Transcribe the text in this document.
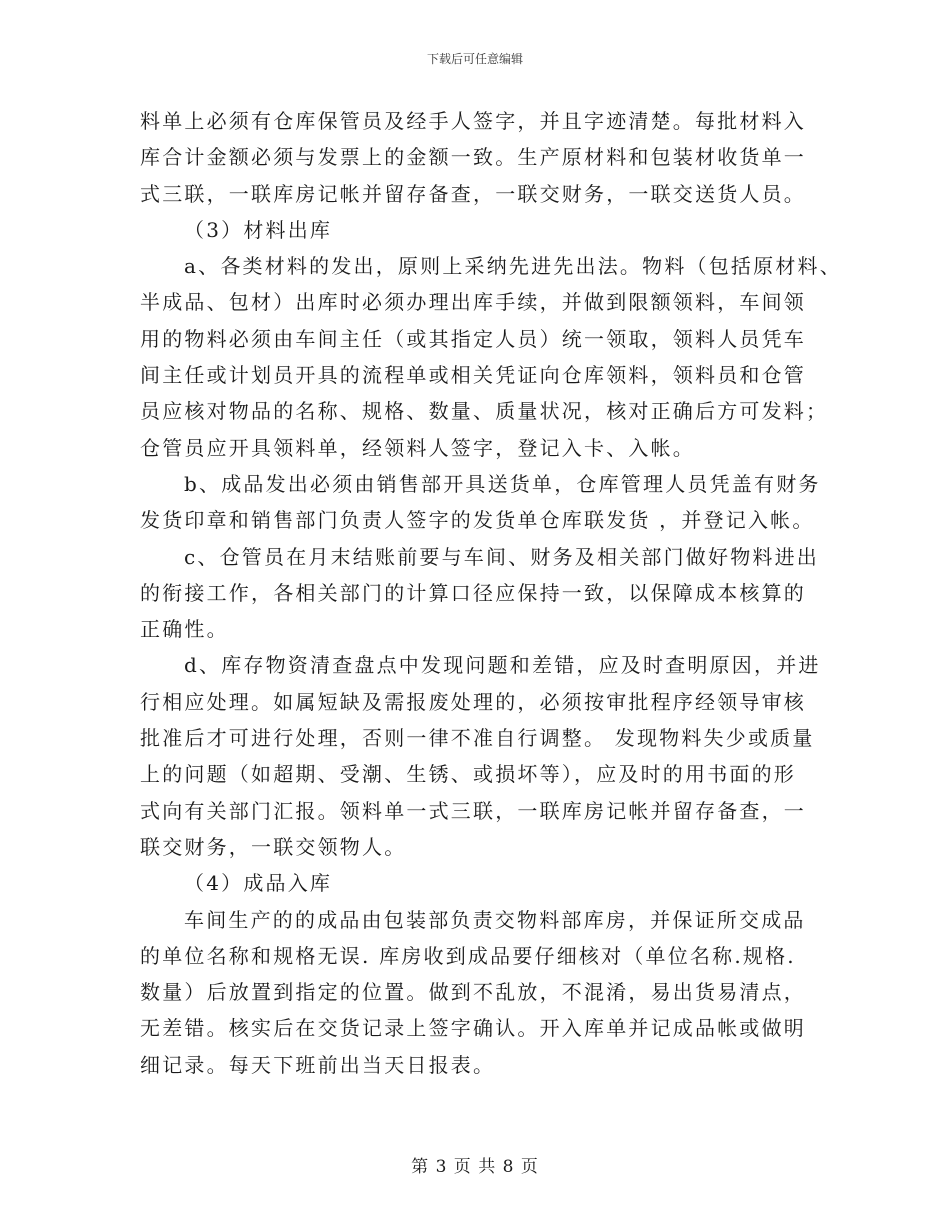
下载后可任意编辑
料单上必须有仓库保管员及经手人签字，并且字迹清楚。每批材料入
库合计金额必须与发票上的金额一致。生产原材料和包装材收货单一
式三联，一联库房记帐并留存备查，一联交财务，一联交送货人员。
（3）材料出库
a、各类材料的发出，原则上采纳先进先出法。物料（包括原材料、
半成品、包材）出库时必须办理出库手续，并做到限额领料，车间领
用的物料必须由车间主任（或其指定人员）统一领取，领料人员凭车
间主任或计划员开具的流程单或相关凭证向仓库领料，领料员和仓管
员应核对物品的名称、规格、数量、质量状况，核对正确后方可发料；
仓管员应开具领料单，经领料人签字，登记入卡、入帐。
b、成品发出必须由销售部开具送货单，仓库管理人员凭盖有财务
发货印章和销售部门负责人签字的发货单仓库联发货 ，并登记入帐。
c、仓管员在月末结账前要与车间、财务及相关部门做好物料进出
的衔接工作，各相关部门的计算口径应保持一致，以保障成本核算的
正确性。
d、库存物资清查盘点中发现问题和差错，应及时查明原因，并进
行相应处理。如属短缺及需报废处理的，必须按审批程序经领导审核
批准后才可进行处理，否则一律不准自行调整。 发现物料失少或质量
上的问题（如超期、受潮、生锈、或损坏等），应及时的用书面的形
式向有关部门汇报。领料单一式三联，一联库房记帐并留存备查，一
联交财务，一联交领物人。
（4）成品入库
车间生产的的成品由包装部负责交物料部库房，并保证所交成品
的单位名称和规格无误. 库房收到成品要仔细核对（单位名称.规格.
数量）后放置到指定的位置。做到不乱放，不混淆，易出货易清点，
无差错。核实后在交货记录上签字确认。开入库单并记成品帐或做明
细记录。每天下班前出当天日报表。
第 3 页 共 8 页
